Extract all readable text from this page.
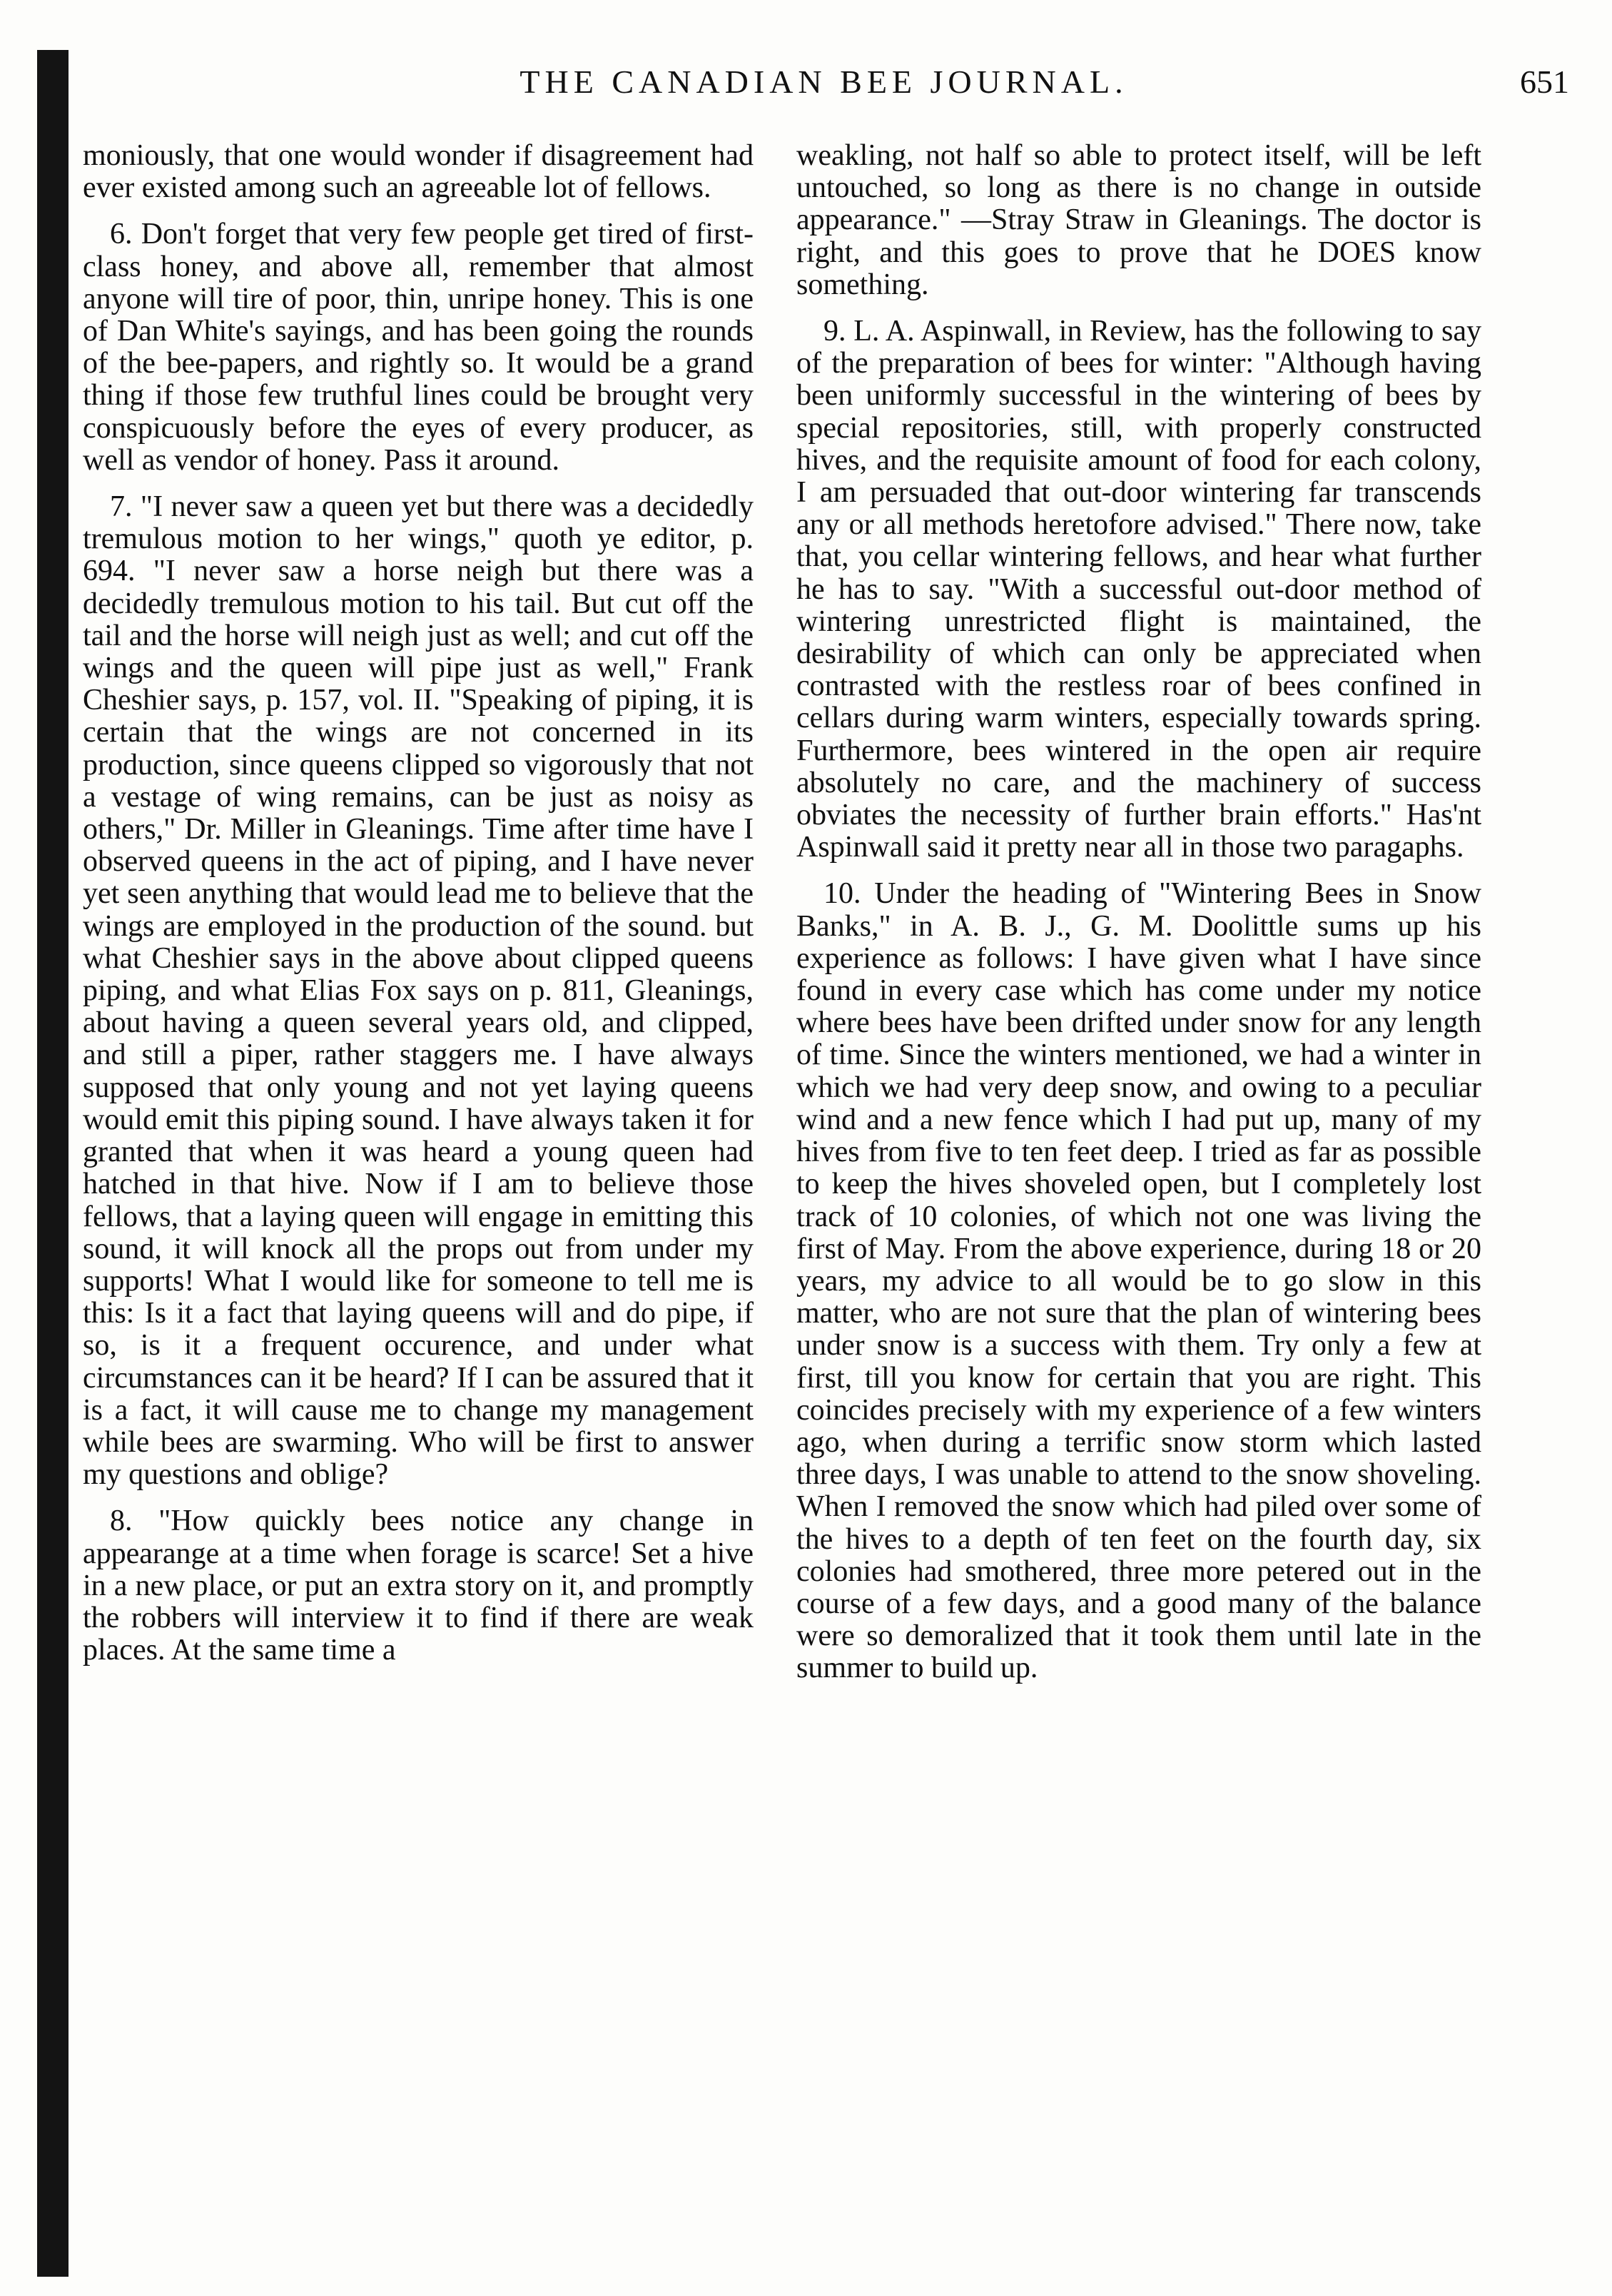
THE CANADIAN BEE JOURNAL.	651

moniously, that one would wonder if disagreement had ever existed among such an agreeable lot of fellows.

6. Don't forget that very few people get tired of first-class honey, and above all, remember that almost anyone will tire of poor, thin, unripe honey. This is one of Dan White's sayings, and has been going the rounds of the bee-papers, and rightly so. It would be a grand thing if those few truthful lines could be brought very conspicuously before the eyes of every producer, as well as vendor of honey. Pass it around.

7. "I never saw a queen yet but there was a decidedly tremulous motion to her wings," quoth ye editor, p. 694. "I never saw a horse neigh but there was a decidedly tremulous motion to his tail. But cut off the tail and the horse will neigh just as well; and cut off the wings and the queen will pipe just as well," Frank Cheshier says, p. 157, vol. II. "Speaking of piping, it is certain that the wings are not concerned in its production, since queens clipped so vigorously that not a vestage of wing remains, can be just as noisy as others," Dr. Miller in Gleanings. Time after time have I observed queens in the act of piping, and I have never yet seen anything that would lead me to believe that the wings are employed in the production of the sound. but what Cheshier says in the above about clipped queens piping, and what Elias Fox says on p. 811, Gleanings, about having a queen several years old, and clipped, and still a piper, rather staggers me. I have always supposed that only young and not yet laying queens would emit this piping sound. I have always taken it for granted that when it was heard a young queen had hatched in that hive. Now if I am to believe those fellows, that a laying queen will engage in emitting this sound, it will knock all the props out from under my supports! What I would like for someone to tell me is this: Is it a fact that laying queens will and do pipe, if so, is it a frequent occurence, and under what circumstances can it be heard? If I can be assured that it is a fact, it will cause me to change my management while bees are swarming. Who will be first to answer my questions and oblige?

8. "How quickly bees notice any change in appearange at a time when forage is scarce! Set a hive in a new place, or put an extra story on it, and promptly the robbers will interview it to find if there are weak places. At the same time a

weakling, not half so able to protect itself, will be left untouched, so long as there is no change in outside appearance." —Stray Straw in Gleanings. The doctor is right, and this goes to prove that he DOES know something.

9. L. A. Aspinwall, in Review, has the following to say of the preparation of bees for winter: "Although having been uniformly successful in the wintering of bees by special repositories, still, with properly constructed hives, and the requisite amount of food for each colony, I am persuaded that out-door wintering far transcends any or all methods heretofore advised." There now, take that, you cellar wintering fellows, and hear what further he has to say. "With a successful out-door method of wintering unrestricted flight is maintained, the desirability of which can only be appreciated when contrasted with the restless roar of bees confined in cellars during warm winters, especially towards spring. Furthermore, bees wintered in the open air require absolutely no care, and the machinery of success obviates the necessity of further brain efforts." Has'nt Aspinwall said it pretty near all in those two paragaphs.

10. Under the heading of "Wintering Bees in Snow Banks," in A. B. J., G. M. Doolittle sums up his experience as follows: I have given what I have since found in every case which has come under my notice where bees have been drifted under snow for any length of time. Since the winters mentioned, we had a winter in which we had very deep snow, and owing to a peculiar wind and a new fence which I had put up, many of my hives from five to ten feet deep. I tried as far as possible to keep the hives shoveled open, but I completely lost track of 10 colonies, of which not one was living the first of May. From the above experience, during 18 or 20 years, my advice to all would be to go slow in this matter, who are not sure that the plan of wintering bees under snow is a success with them. Try only a few at first, till you know for certain that you are right. This coincides precisely with my experience of a few winters ago, when during a terrific snow storm which lasted three days, I was unable to attend to the snow shoveling. When I removed the snow which had piled over some of the hives to a depth of ten feet on the fourth day, six colonies had smothered, three more petered out in the course of a few days, and a good many of the balance were so demoralized that it took them until late in the summer to build up.
